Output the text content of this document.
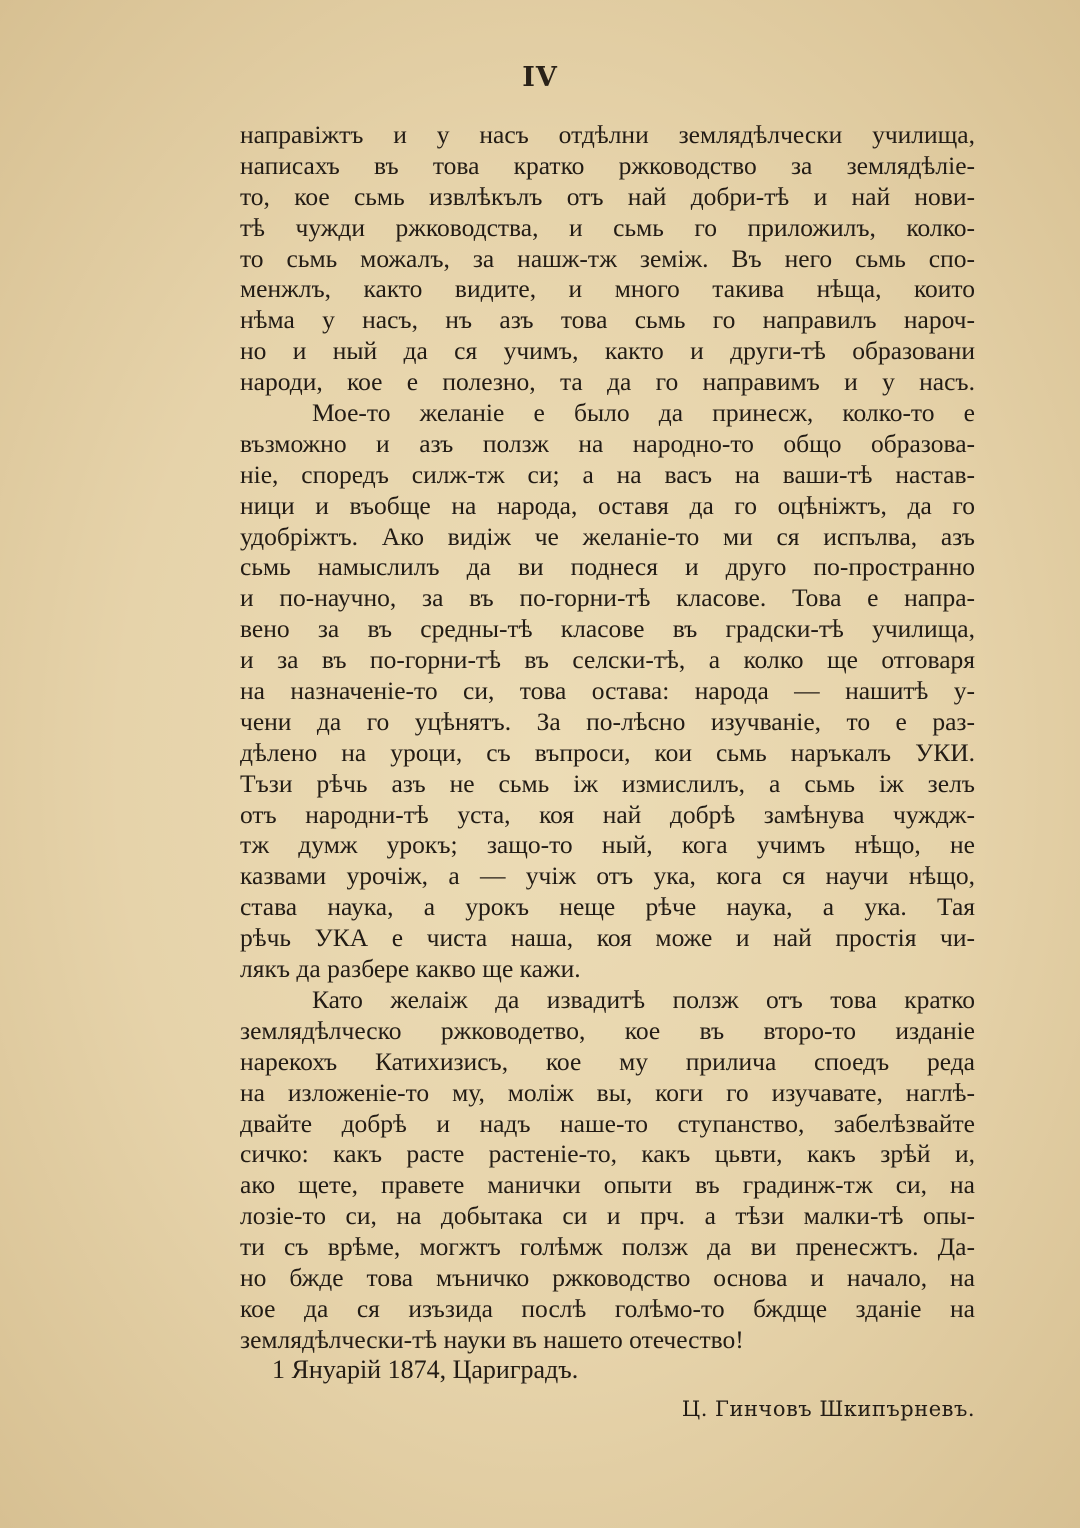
IV
направіжтъ и у насъ отдѣлни землядѣлчески училища,
написахъ въ това кратко ржководство за землядѣліе-
то, кое сьмь извлѣкълъ отъ най добри-тѣ и най нови-
тѣ чужди ржководства, и сьмь го приложилъ, колко-
то сьмь можалъ, за нашж-тж земіж. Въ него сьмь спо-
менжлъ, както видите, и много такива нѣща, които
нѣма у насъ, нъ азъ това сьмь го направилъ нароч-
но и ный да ся учимъ, както и други-тѣ образовани
народи, кое е полезно, та да го направимъ и у насъ.
Мое-то желаніе е было да принесж, колко-то е
възможно и азъ ползж на народно-то общо образова-
ніе, споредъ силж-тж си; а на васъ на ваши-тѣ настав-
ници и въобще на народа, оставя да го оцѣніжтъ, да го
удобріжтъ. Ако видіж че желаніе-то ми ся испълва, азъ
сьмь намыслилъ да ви поднеся и друго по-пространно
и по-научно, за въ по-горни-тѣ класове. Това е напра-
вено за въ средны-тѣ класове въ градски-тѣ училища,
и за въ по-горни-тѣ въ селски-тѣ, а колко ще отговаря
на назначеніе-то си, това остава: народа — нашитѣ у-
чени да го уцѣнятъ. За по-лѣсно изучваніе, то е раз-
дѣлено на уроци, съ въпроси, кои сьмь наръкалъ УКИ.
Тъзи рѣчь азъ не сьмь іж измислилъ, а сьмь іж зелъ
отъ народни-тѣ уста, коя най добрѣ замѣнува чуждж-
тж думж урокъ; защо-то ный, кога учимъ нѣщо, не
казвами урочіж, а — учіж отъ ука, кога ся научи нѣщо,
става наука, а урокъ неще рѣче наука, а ука. Тая
рѣчь УКА е чиста наша, коя може и най простія чи-
лякъ да разбере какво ще кажи.
Като желаіж да извадитѣ ползж отъ това кратко
землядѣлческо ржководетво, кое въ второ-то изданіе
нарекохъ Катихизисъ, кое му прилича споедъ реда
на изложеніе-то му, моліж вы, коги го изучавате, наглѣ-
двайте добрѣ и надъ наше-то ступанство, забелѣзвайте
сичко: какъ расте растеніе-то, какъ цьвти, какъ зрѣй и,
ако щете, правете манички опыти въ градинж-тж си, на
лозіе-то си, на добытака си и прч. а тѣзи малки-тѣ опы-
ти съ врѣме, могжтъ голѣмж ползж да ви пренесжтъ. Да-
но бжде това мъничко ржководство основа и начало, на
кое да ся изъзида послѣ голѣмо-то бждще зданіе на
землядѣлчески-тѣ науки въ нашето отечество!
1 Януарій 1874, Цариградъ.
Ц. Гинчовъ Шкипърневъ.
